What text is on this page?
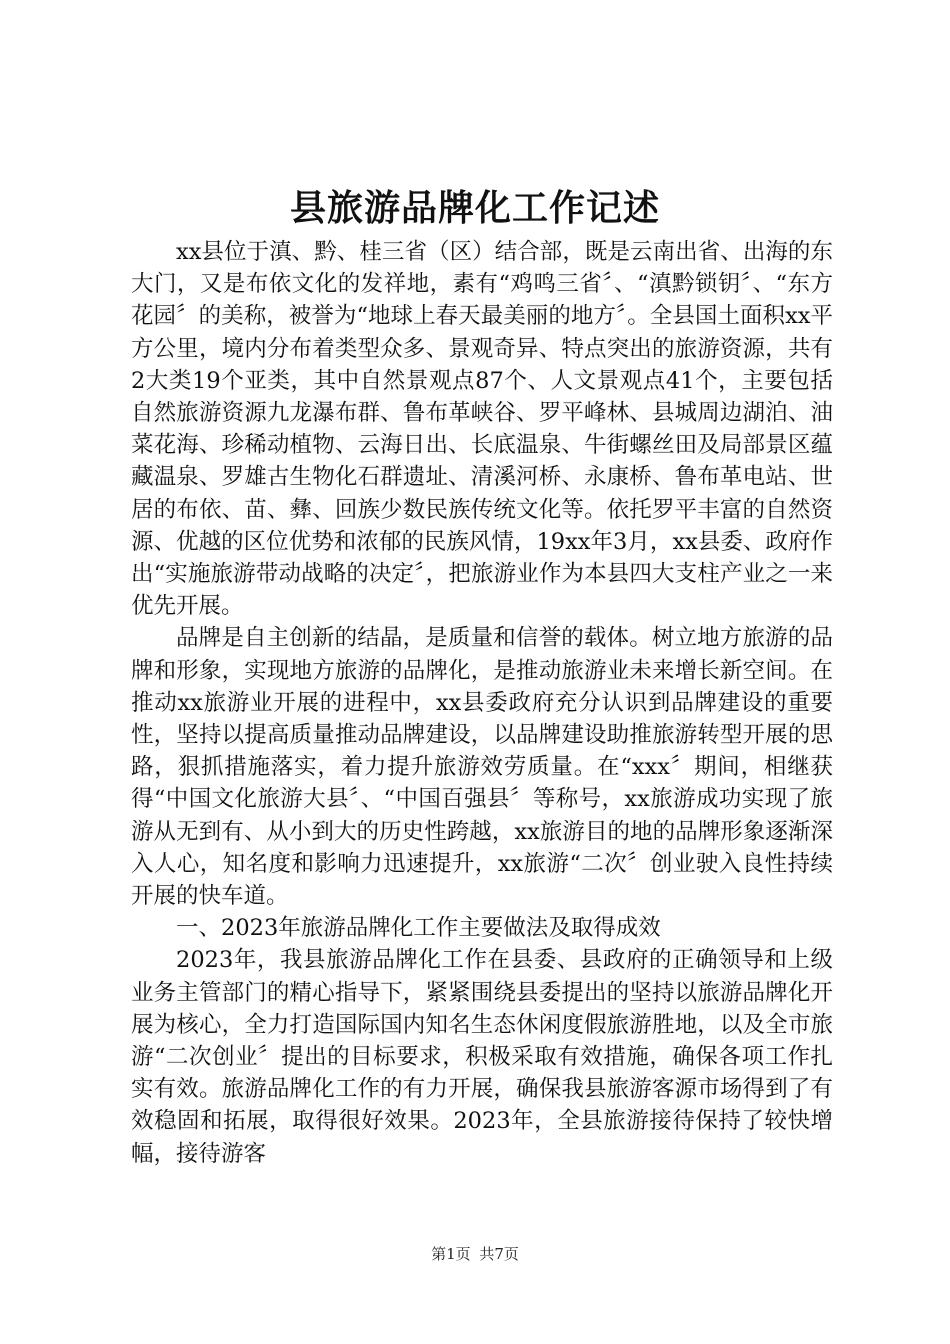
县旅游品牌化工作记述

xx县位于滇、黔、桂三省（区）结合部，既是云南出省、出海的东大门，又是布依文化的发祥地，素有“鸡鸣三省〞、“滇黔锁钥〞、“东方花园〞的美称，被誉为“地球上春天最美丽的地方〞。全县国土面积xx平方公里，境内分布着类型众多、景观奇异、特点突出的旅游资源，共有2大类19个亚类，其中自然景观点87个、人文景观点41个，主要包括自然旅游资源九龙瀑布群、鲁布革峡谷、罗平峰林、县城周边湖泊、油菜花海、珍稀动植物、云海日出、长底温泉、牛街螺丝田及局部景区蕴藏温泉、罗雄古生物化石群遗址、清溪河桥、永康桥、鲁布革电站、世居的布依、苗、彝、回族少数民族传统文化等。依托罗平丰富的自然资源、优越的区位优势和浓郁的民族风情，19xx年3月，xx县委、政府作出“实施旅游带动战略的决定〞，把旅游业作为本县四大支柱产业之一来优先开展。

品牌是自主创新的结晶，是质量和信誉的载体。树立地方旅游的品牌和形象，实现地方旅游的品牌化，是推动旅游业未来增长新空间。在推动xx旅游业开展的进程中，xx县委政府充分认识到品牌建设的重要性，坚持以提高质量推动品牌建设，以品牌建设助推旅游转型开展的思路，狠抓措施落实，着力提升旅游效劳质量。在“xxx〞期间，相继获得“中国文化旅游大县〞、“中国百强县〞等称号，xx旅游成功实现了旅游从无到有、从小到大的历史性跨越，xx旅游目的地的品牌形象逐渐深入人心，知名度和影响力迅速提升，xx旅游“二次〞创业驶入良性持续开展的快车道。

一、2023年旅游品牌化工作主要做法及取得成效

2023年，我县旅游品牌化工作在县委、县政府的正确领导和上级业务主管部门的精心指导下，紧紧围绕县委提出的坚持以旅游品牌化开展为核心，全力打造国际国内知名生态休闲度假旅游胜地，以及全市旅游“二次创业〞提出的目标要求，积极采取有效措施，确保各项工作扎实有效。旅游品牌化工作的有力开展，确保我县旅游客源市场得到了有效稳固和拓展，取得很好效果。2023年，全县旅游接待保持了较快增幅，接待游客

第1页 共7页
